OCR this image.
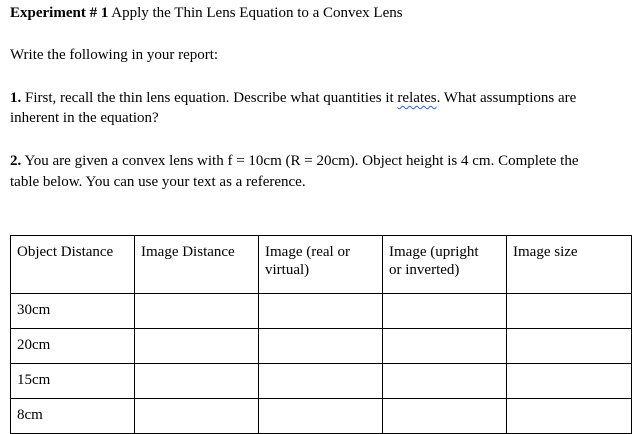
Experiment # 1 Apply the Thin Lens Equation to a Convex Lens
Write the following in your report:
1. First, recall the thin lens equation. Describe what quantities it relates. What assumptions are
inherent in the equation?
2. You are given a convex lens with f = 10cm (R = 20cm). Object height is 4 cm. Complete the
table below. You can use your text as a reference.
Object Distance	Image Distance	Image (real or
virtual)	Image (upright
or inverted)	Image size
30cm				
20cm				
15cm				
8cm				
